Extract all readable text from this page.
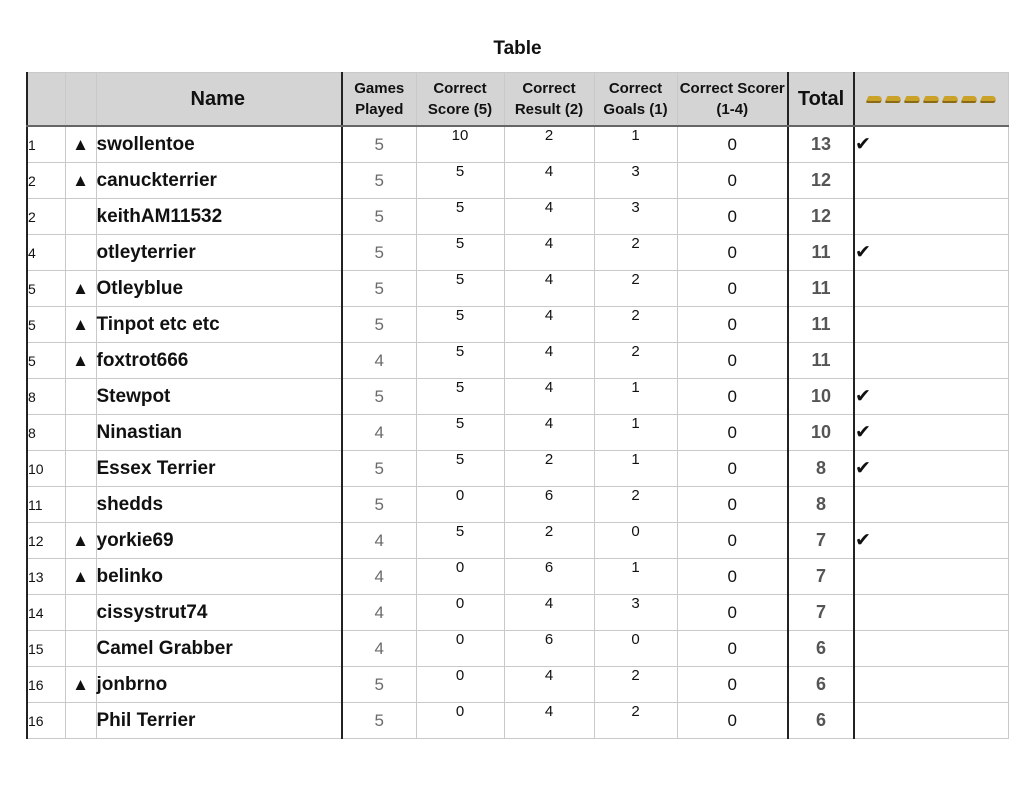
Table
		Name	Games Played	Correct Score (5)	Correct Result (2)	Correct Goals (1)	Correct Scorer (1-4)	Total	
1	▲	swollentoe	5	10	2	1	0	13	✔
2	▲	canuckterrier	5	5	4	3	0	12	
2		keithAM11532	5	5	4	3	0	12	
4		otleyterrier	5	5	4	2	0	11	✔
5	▲	Otleyblue	5	5	4	2	0	11	
5	▲	Tinpot etc etc	5	5	4	2	0	11	
5	▲	foxtrot666	4	5	4	2	0	11	
8		Stewpot	5	5	4	1	0	10	✔
8		Ninastian	4	5	4	1	0	10	✔
10		Essex Terrier	5	5	2	1	0	8	✔
11		shedds	5	0	6	2	0	8	
12	▲	yorkie69	4	5	2	0	0	7	✔
13	▲	belinko	4	0	6	1	0	7	
14		cissystrut74	4	0	4	3	0	7	
15		Camel Grabber	4	0	6	0	0	6	
16	▲	jonbrno	5	0	4	2	0	6	
16		Phil Terrier	5	0	4	2	0	6	
